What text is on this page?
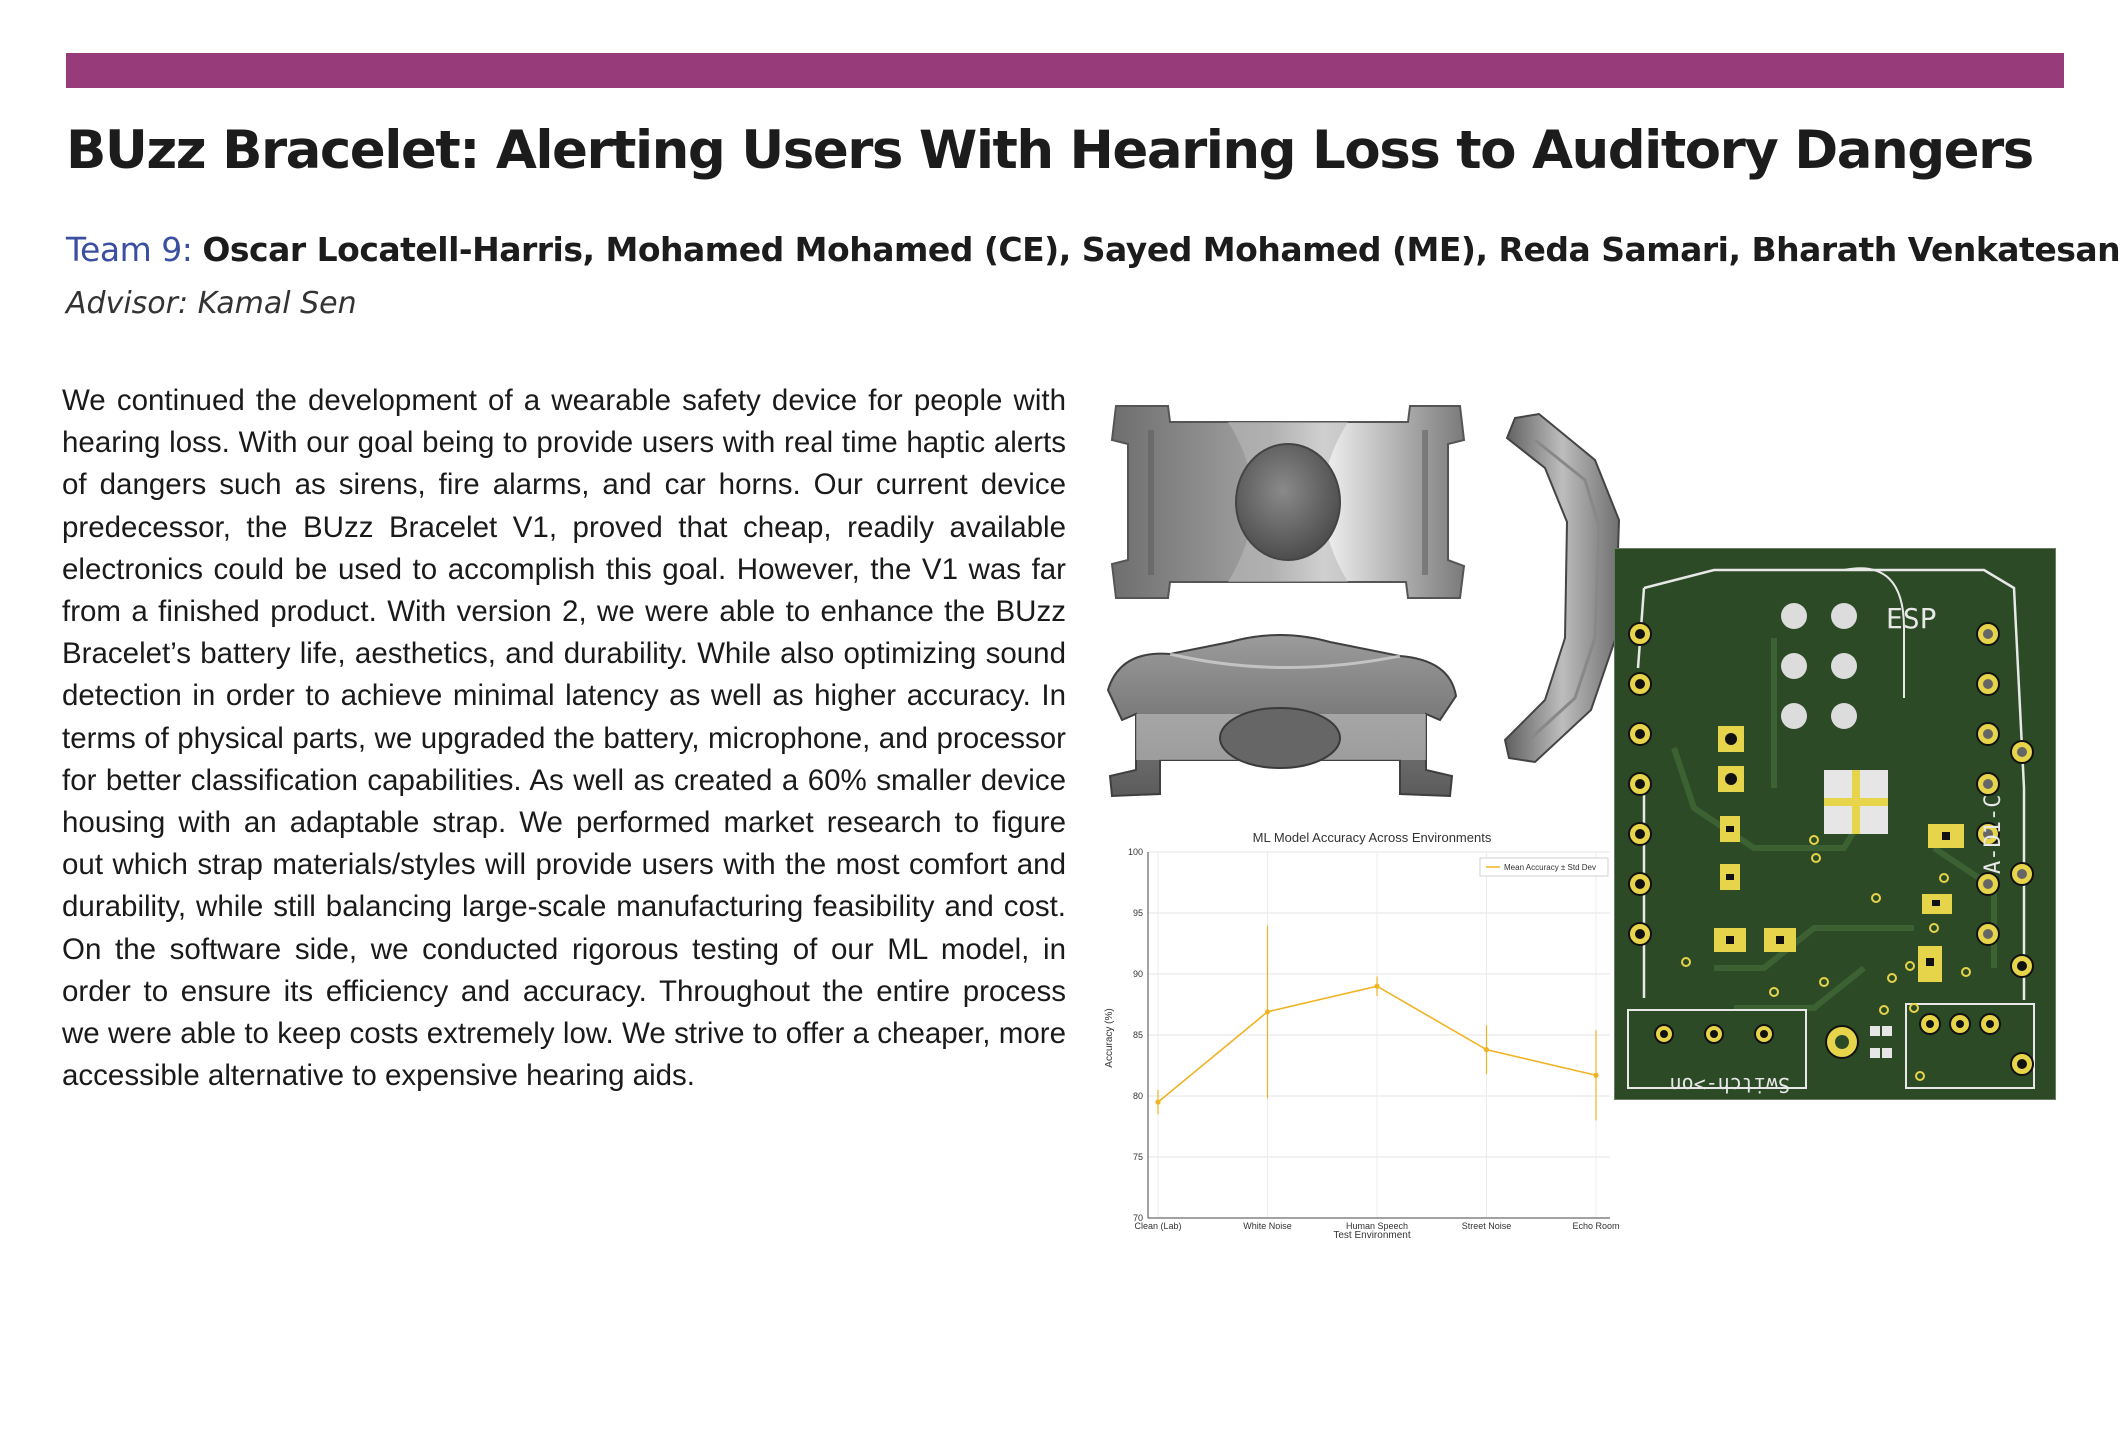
BUzz Bracelet: Alerting Users With Hearing Loss to Auditory Dangers
Team 9: Oscar Locatell-Harris, Mohamed Mohamed (CE), Sayed Mohamed (ME), Reda Samari, Bharath Venkatesan
Advisor: Kamal Sen

We continued the development of a wearable safety device for people with hearing loss. With our goal being to provide users with real time haptic alerts of dangers such as sirens, fire alarms, and car horns. Our current device predecessor, the BUzz Bracelet V1, proved that cheap, readily available electronics could be used to accomplish this goal. However, the V1 was far from a finished product. With version 2, we were able to enhance the BUzz Bracelet’s battery life, aesthetics, and durability. While also optimizing sound detection in order to achieve minimal latency as well as higher accuracy. In terms of physical parts, we upgraded the battery, microphone, and processor for better classification capabilities. As well as created a 60% smaller device housing with an adaptable strap. We performed market research to figure out which strap materials/styles will provide users with the most comfort and durability, while still balancing large-scale manufacturing feasibility and cost. On the software side, we conducted rigorous testing of our ML model, in order to ensure its efficiency and accuracy. Throughout the entire process we were able to keep costs extremely low. We strive to offer a cheaper, more accessible alternative to expensive hearing aids.

ML Model Accuracy Across Environments
70
75
80
85
90
95
100
Clean (Lab)	White Noise	Human Speech	Street Noise	Echo Room
Accuracy (%)
Test Environment
Mean Accuracy ± Std Dev
ESP
A-D1-C
Switch->on
